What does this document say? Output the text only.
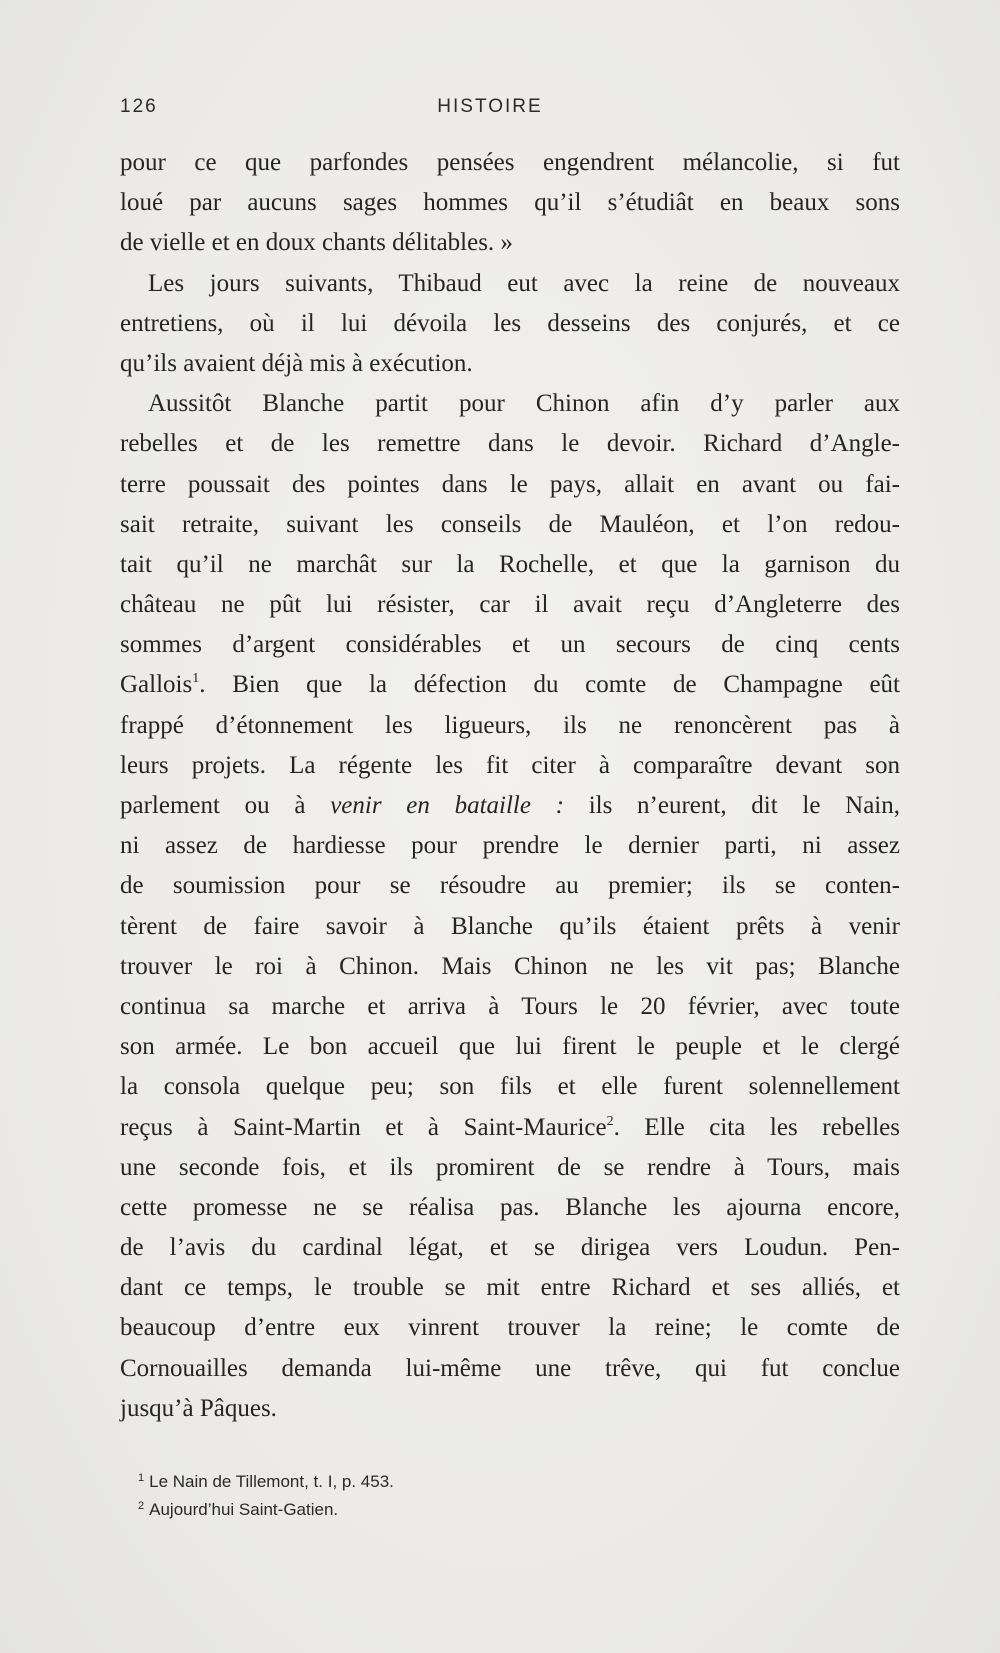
126	HISTOIRE

pour ce que parfondes pensées engendrent mélancolie, si fut

loué par aucuns sages hommes qu’il s’étudiât en beaux sons

de vielle et en doux chants délitables. »

Les jours suivants, Thibaud eut avec la reine de nouveaux

entretiens, où il lui dévoila les desseins des conjurés, et ce

qu’ils avaient déjà mis à exécution.

Aussitôt Blanche partit pour Chinon afin d’y parler aux

rebelles et de les remettre dans le devoir. Richard d’Angle-

terre poussait des pointes dans le pays, allait en avant ou fai-

sait retraite, suivant les conseils de Mauléon, et l’on redou-

tait qu’il ne marchât sur la Rochelle, et que la garnison du

château ne pût lui résister, car il avait reçu d’Angleterre des

sommes d’argent considérables et un secours de cinq cents

Gallois$^1$. Bien que la défection du comte de Champagne eût

frappé d’étonnement les ligueurs, ils ne renoncèrent pas à

leurs projets. La régente les fit citer à comparaître devant son

parlement ou à venir en bataille : ils n’eurent, dit le Nain,

ni assez de hardiesse pour prendre le dernier parti, ni assez

de soumission pour se résoudre au premier; ils se conten-

tèrent de faire savoir à Blanche qu’ils étaient prêts à venir

trouver le roi à Chinon. Mais Chinon ne les vit pas; Blanche

continua sa marche et arriva à Tours le 20 février, avec toute

son armée. Le bon accueil que lui firent le peuple et le clergé

la consola quelque peu; son fils et elle furent solennellement

reçus à Saint-Martin et à Saint-Maurice$^2$. Elle cita les rebelles

une seconde fois, et ils promirent de se rendre à Tours, mais

cette promesse ne se réalisa pas. Blanche les ajourna encore,

de l’avis du cardinal légat, et se dirigea vers Loudun. Pen-

dant ce temps, le trouble se mit entre Richard et ses alliés, et

beaucoup d’entre eux vinrent trouver la reine; le comte de

Cornouailles demanda lui-même une trêve, qui fut conclue

jusqu’à Pâques.

$^1$ Le Nain de Tillemont, t. I, p. 453.
$^2$ Aujourd’hui Saint-Gatien.
